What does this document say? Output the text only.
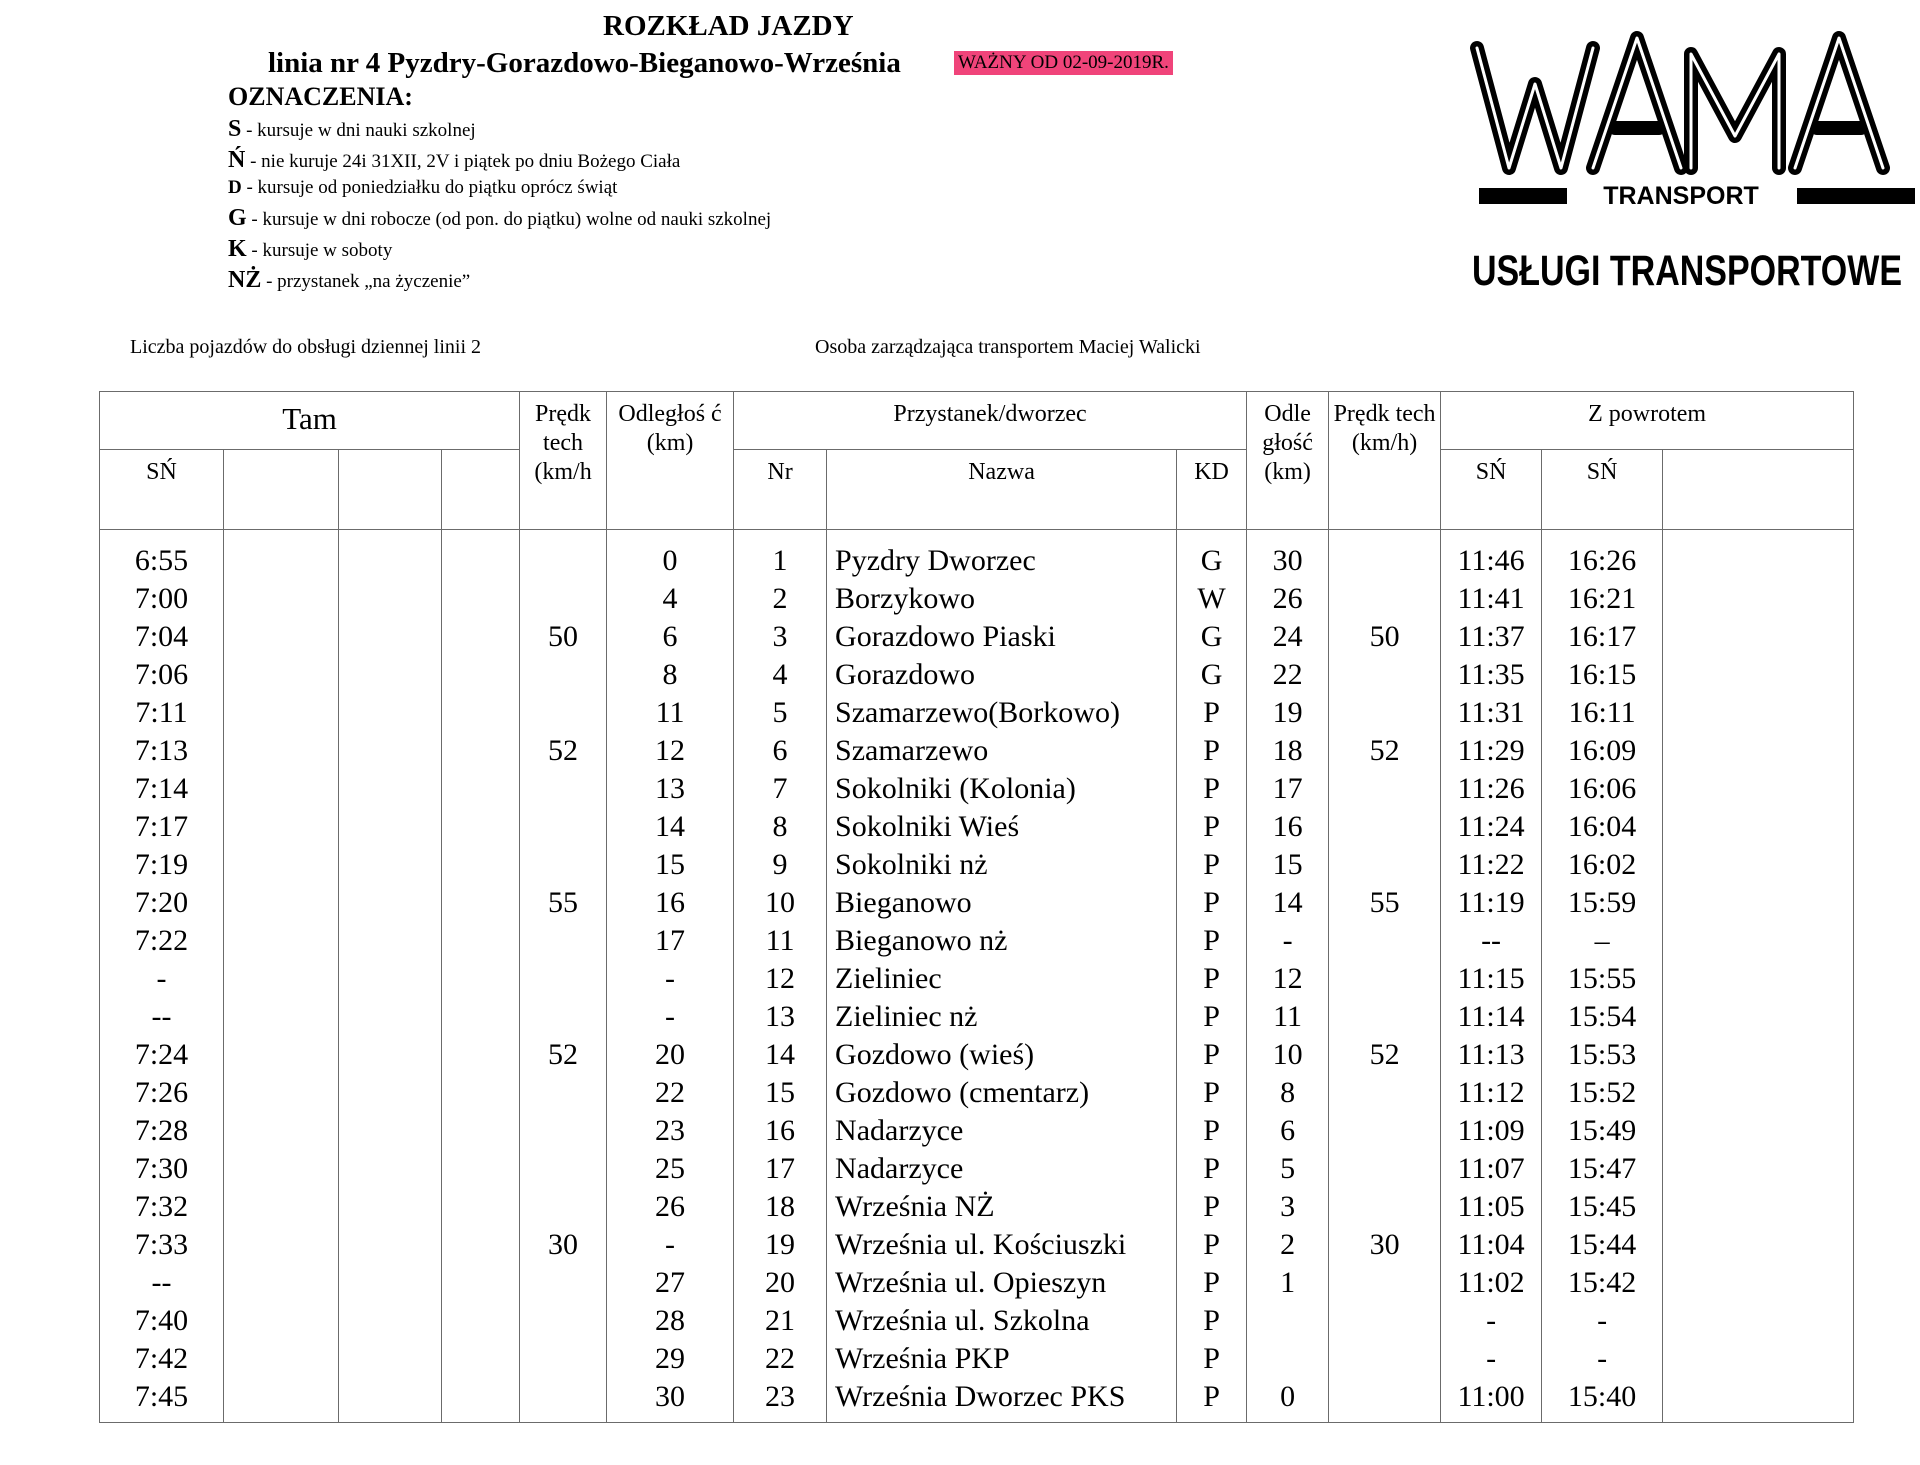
ROZKŁAD JAZDY
linia nr 4 Pyzdry-Gorazdowo-Bieganowo-Września	WAŻNY OD 02-09-2019R.
OZNACZENIA:
S - kursuje w dni nauki szkolnej
Ń - nie kuruje 24i 31XII, 2V i piątek po dniu Bożego Ciała
D - kursuje od poniedziałku do piątku oprócz świąt
G - kursuje w dni robocze (od pon. do piątku) wolne od nauki szkolnej
K - kursuje w soboty
NŻ - przystanek „na życzenie”
TRANSPORT
USŁUGI TRANSPORTOWE
Liczba pojazdów do obsługi dziennej linii 2	Osoba zarządzająca transportem Maciej Walicki
Tam				Prędk tech (km/h	Odległoś ć (km)	Przystanek/dworzec			Odle głość (km)	Prędk tech (km/h)	Z powrotem		
SŃ						Nr	Nazwa	KD			SŃ	SŃ	

6:55					0	1	Pyzdry Dworzec	G	30		11:46	16:26	
7:00					4	2	Borzykowo	W	26		11:41	16:21	
7:04				50	6	3	Gorazdowo Piaski	G	24	50	11:37	16:17	
7:06					8	4	Gorazdowo	G	22		11:35	16:15	
7:11					11	5	Szamarzewo(Borkowo)	P	19		11:31	16:11	
7:13				52	12	6	Szamarzewo	P	18	52	11:29	16:09	
7:14					13	7	Sokolniki (Kolonia)	P	17		11:26	16:06	
7:17					14	8	Sokolniki Wieś	P	16		11:24	16:04	
7:19					15	9	Sokolniki nż	P	15		11:22	16:02	
7:20				55	16	10	Bieganowo	P	14	55	11:19	15:59	
7:22					17	11	Bieganowo nż	P	-		--	–	
-					-	12	Zieliniec	P	12		11:15	15:55	
--					-	13	Zieliniec nż	P	11		11:14	15:54	
7:24				52	20	14	Gozdowo (wieś)	P	10	52	11:13	15:53	
7:26					22	15	Gozdowo (cmentarz)	P	8		11:12	15:52	
7:28					23	16	Nadarzyce	P	6		11:09	15:49	
7:30					25	17	Nadarzyce	P	5		11:07	15:47	
7:32					26	18	Września NŻ	P	3		11:05	15:45	
7:33				30	-	19	Września ul. Kościuszki	P	2	30	11:04	15:44	
--					27	20	Września ul. Opieszyn	P	1		11:02	15:42	
7:40					28	21	Września ul. Szkolna	P			-	-	
7:42					29	22	Września PKP	P			-	-	
7:45					30	23	Września Dworzec PKS	P	0		11:00	15:40	
